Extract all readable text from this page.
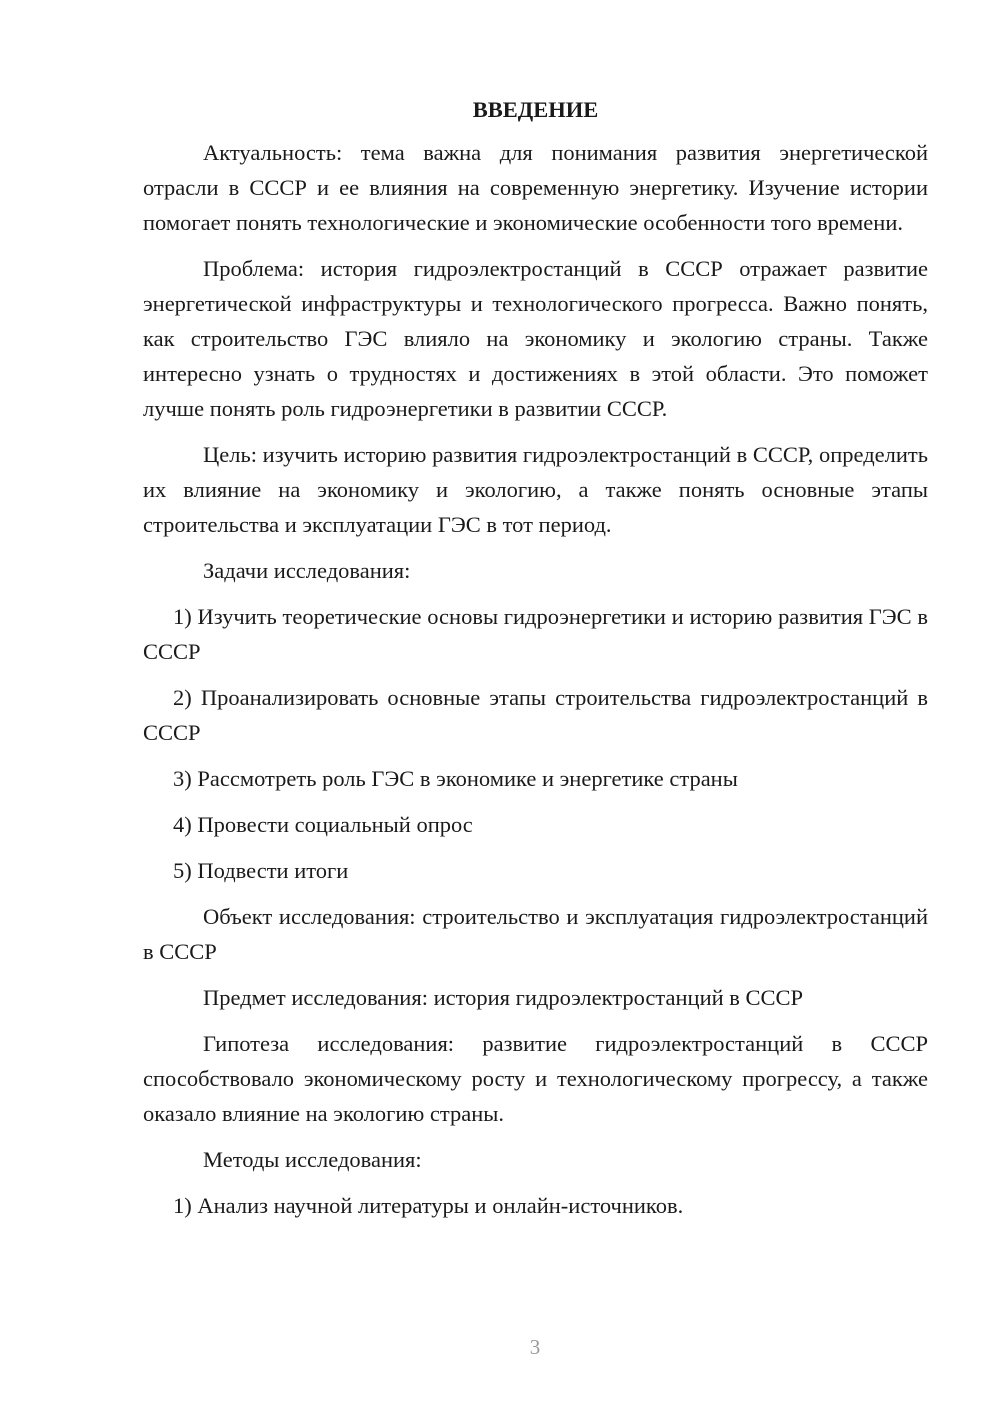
ВВЕДЕНИЕ

Актуальность: тема важна для понимания развития энергетической отрасли в СССР и ее влияния на современную энергетику. Изучение истории помогает понять технологические и экономические особенности того времени.

Проблема: история гидроэлектростанций в СССР отражает развитие энергетической инфраструктуры и технологического прогресса. Важно понять, как строительство ГЭС влияло на экономику и экологию страны. Также интересно узнать о трудностях и достижениях в этой области. Это поможет лучше понять роль гидроэнергетики в развитии СССР.

Цель: изучить историю развития гидроэлектростанций в СССР, определить их влияние на экономику и экологию, а также понять основные этапы строительства и эксплуатации ГЭС в тот период.

Задачи исследования:

1) Изучить теоретические основы гидроэнергетики и историю развития ГЭС в СССР

2) Проанализировать основные этапы строительства гидроэлектростанций в СССР

3) Рассмотреть роль ГЭС в экономике и энергетике страны

4) Провести социальный опрос

5) Подвести итоги

Объект исследования: строительство и эксплуатация гидроэлектростанций в СССР

Предмет исследования: история гидроэлектростанций в СССР

Гипотеза исследования: развитие гидроэлектростанций в СССР способствовало экономическому росту и технологическому прогрессу, а также оказало влияние на экологию страны.

Методы исследования:

1) Анализ научной литературы и онлайн-источников.

3
